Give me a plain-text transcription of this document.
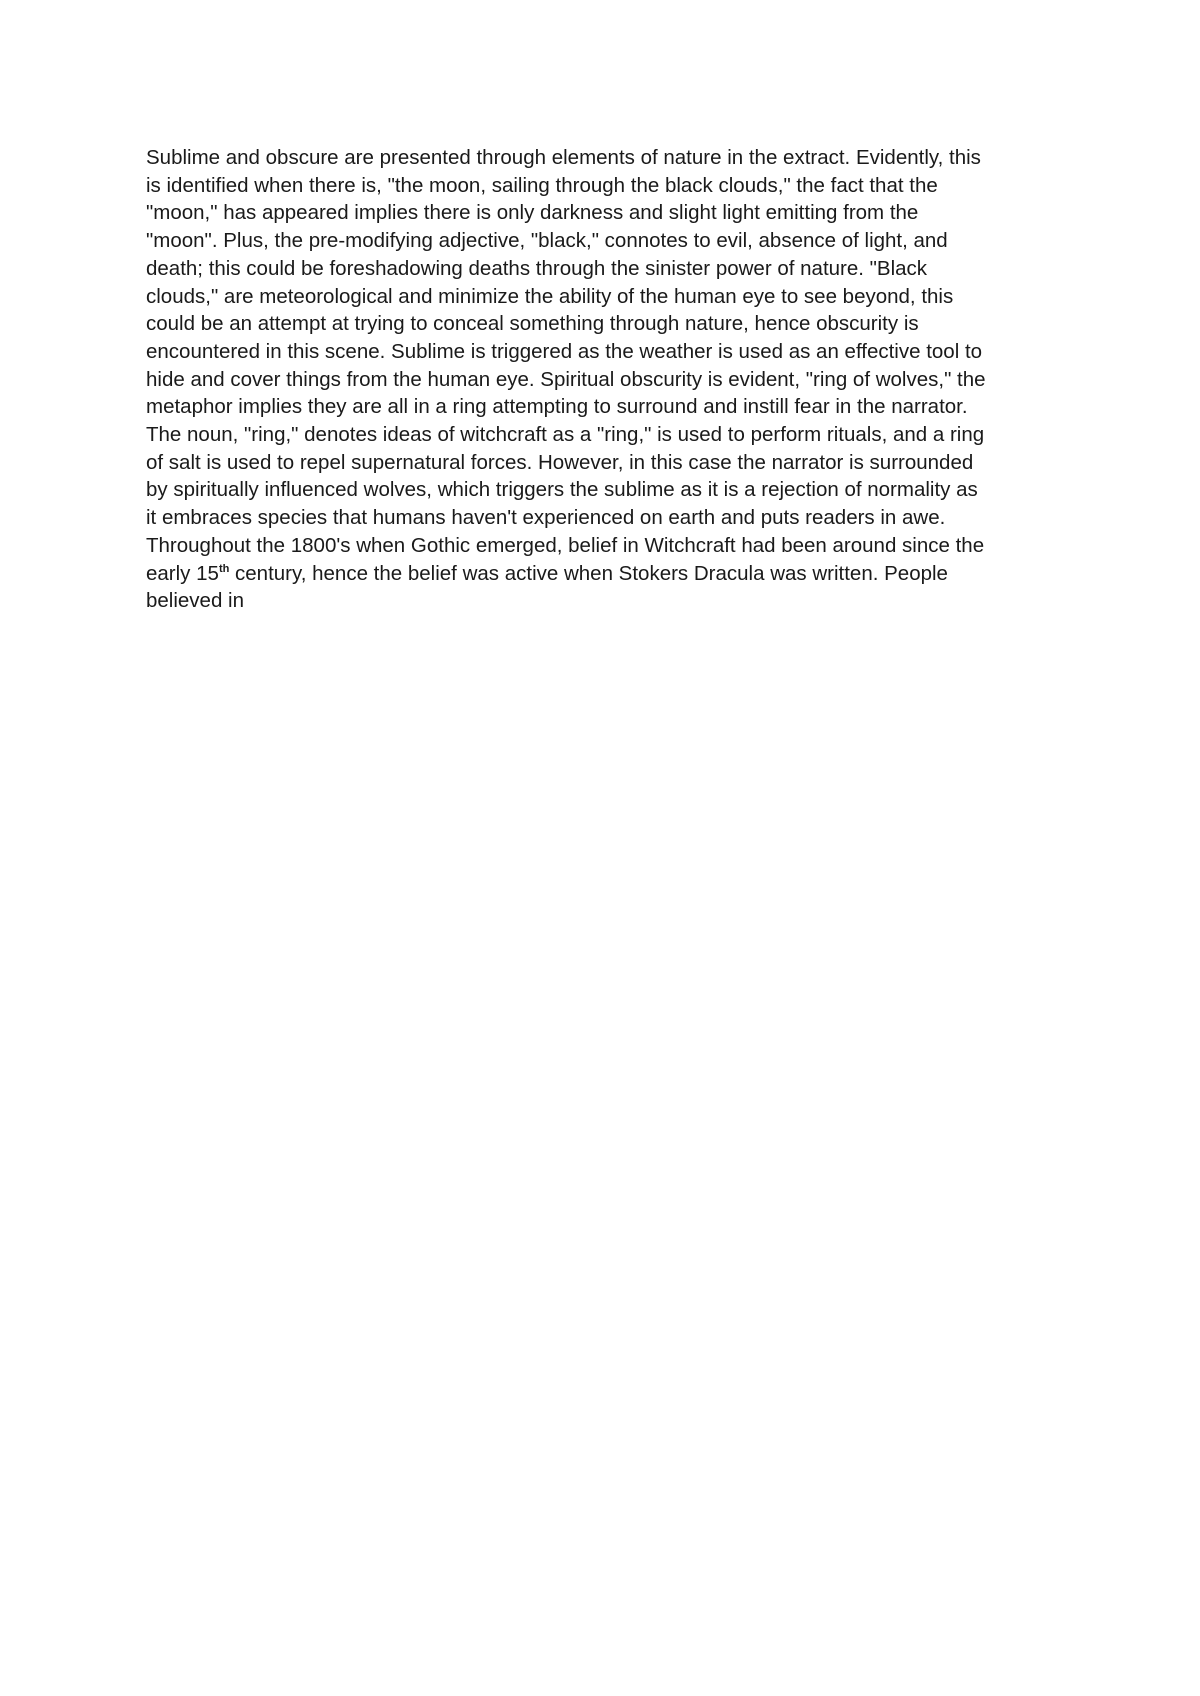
Sublime and obscure are presented through elements of nature in the extract. Evidently, this
is identified when there is, "the moon, sailing through the black clouds," the fact that the
"moon," has appeared implies there is only darkness and slight light emitting from the
"moon". Plus, the pre-modifying adjective, "black," connotes to evil, absence of light, and
death; this could be foreshadowing deaths through the sinister power of nature. "Black
clouds," are meteorological and minimize the ability of the human eye to see beyond, this
could be an attempt at trying to conceal something through nature, hence obscurity is
encountered in this scene. Sublime is triggered as the weather is used as an effective tool to
hide and cover things from the human eye. Spiritual obscurity is evident, "ring of wolves," the
metaphor implies they are all in a ring attempting to surround and instill fear in the narrator.
The noun, "ring," denotes ideas of witchcraft as a "ring," is used to perform rituals, and a ring
of salt is used to repel supernatural forces. However, in this case the narrator is surrounded
by spiritually influenced wolves, which triggers the sublime as it is a rejection of normality as
it embraces species that humans haven't experienced on earth and puts readers in awe.
Throughout the 1800's when Gothic emerged, belief in Witchcraft had been around since the
early 15th century, hence the belief was active when Stokers Dracula was written. People
believed in
